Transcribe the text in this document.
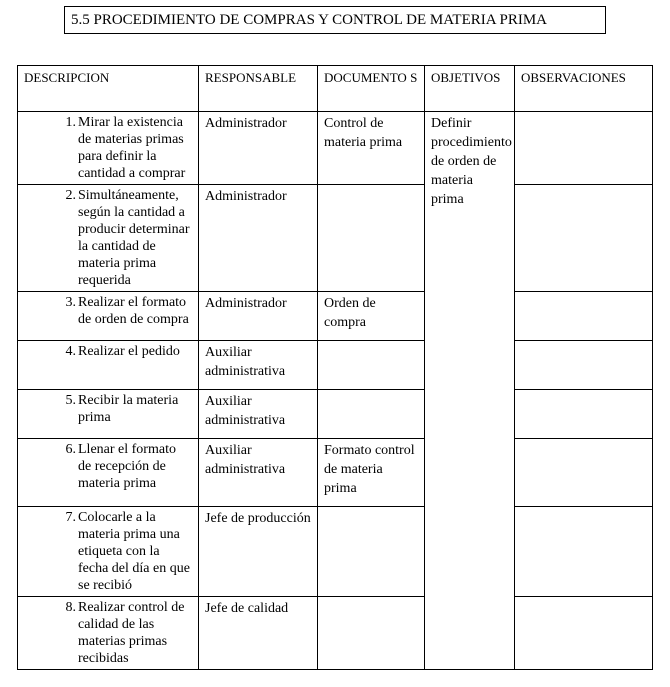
5.5 PROCEDIMIENTO DE COMPRAS Y CONTROL DE MATERIA PRIMA
DESCRIPCION	RESPONSABLE	DOCUMENTO S	OBJETIVOS	OBSERVACIONES

1. Mirar la existencia de materias primas para definir la cantidad a comprar	Administrador	Control de materia prima	Definir procedimiento de orden de materia prima	

2. Simultáneamente, según la cantidad a producir determinar la cantidad de materia prima requerida	Administrador			

3. Realizar el formato de orden de compra	Administrador	Orden de compra		

4. Realizar el pedido	Auxiliar administrativa			

5. Recibir la materia prima	Auxiliar administrativa			

6. Llenar el formato de recepción de materia prima	Auxiliar administrativa	Formato control de materia prima		

7. Colocarle a la materia prima una etiqueta con la fecha del día en que se recibió	Jefe de producción			

8. Realizar control de calidad de las materias primas recibidas	Jefe de calidad			
